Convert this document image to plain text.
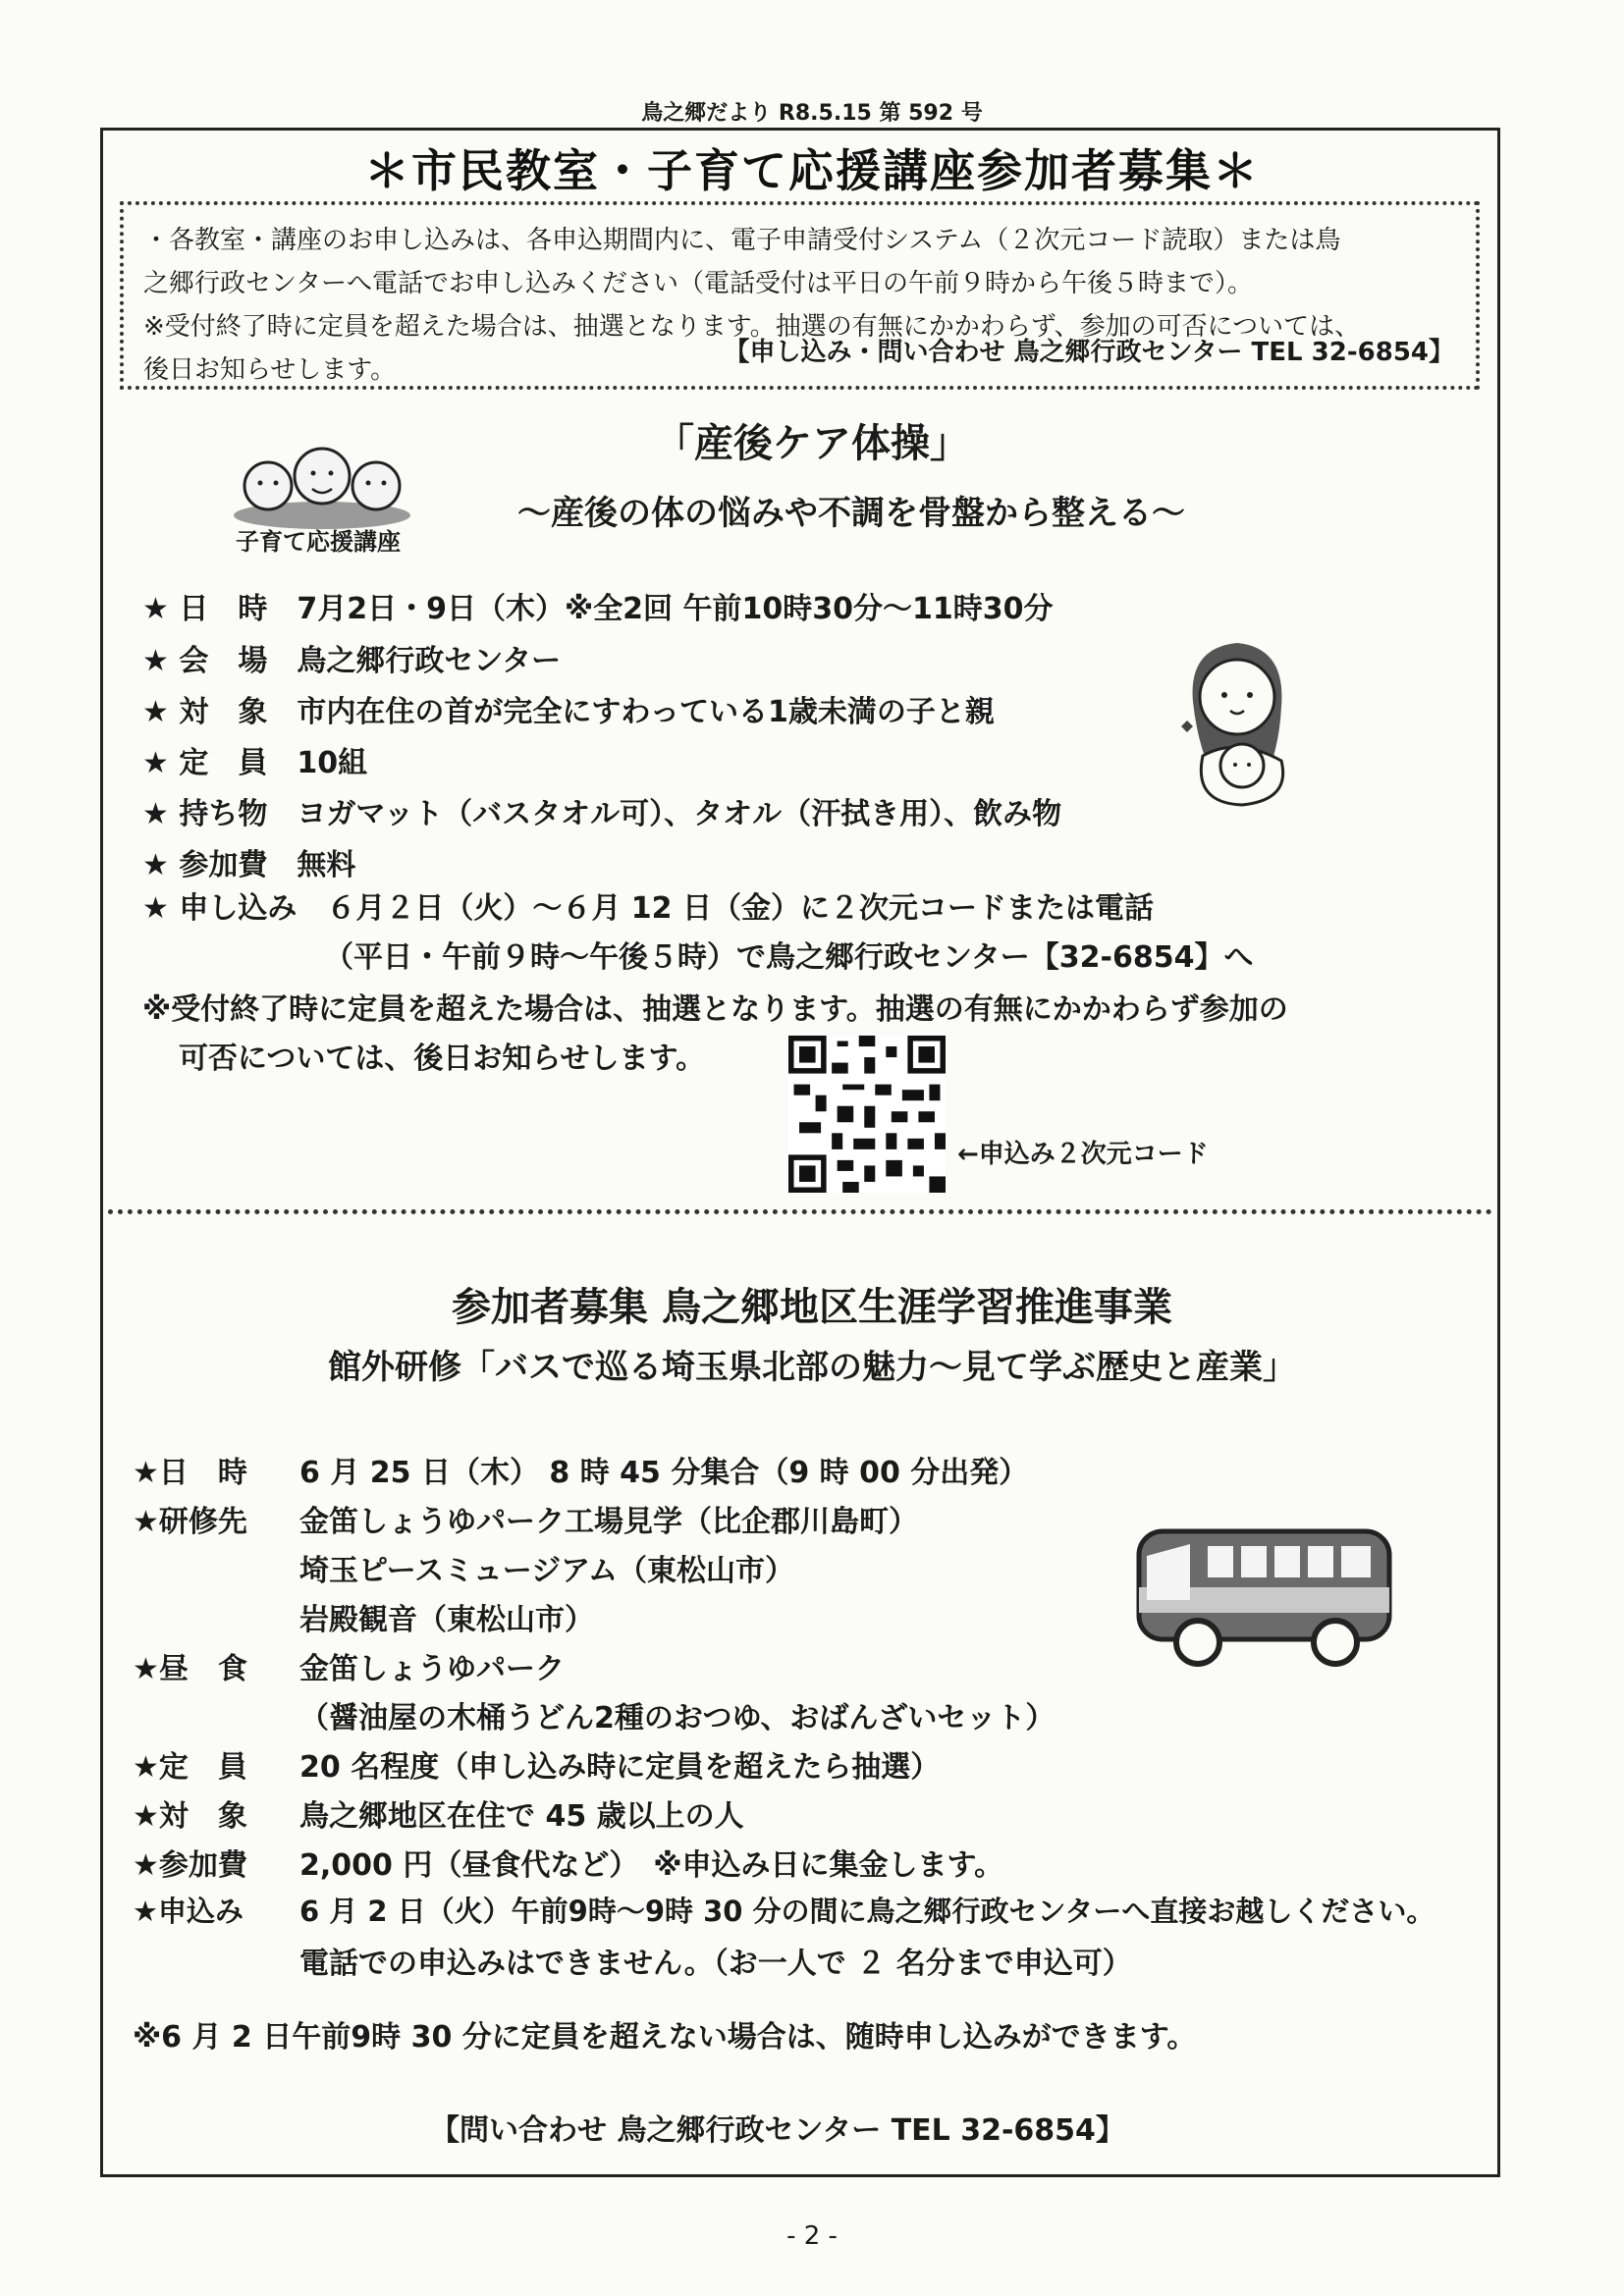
鳥之郷だより R8.5.15 第 592 号
＊市民教室・子育て応援講座参加者募集＊
・各教室・講座のお申し込みは、各申込期間内に、電子申請受付システム（２次元コード読取）または鳥
之郷行政センターへ電話でお申し込みください（電話受付は平日の午前９時から午後５時まで）。
※受付終了時に定員を超えた場合は、抽選となります。抽選の有無にかかわらず、参加の可否については、
後日お知らせします。
【申し込み・問い合わせ 鳥之郷行政センター TEL 32-6854】
子育て応援講座
「産後ケア体操」
～産後の体の悩みや不調を骨盤から整える～
★ 日　時　 7月2日・9日（木）※全2回 午前10時30分～11時30分
★ 会　場　 鳥之郷行政センター
★ 対　象　 市内在住の首が完全にすわっている1歳未満の子と親
★ 定　員　 10組
★ 持ち物　 ヨガマット（バスタオル可）、タオル（汗拭き用）、飲み物
★ 参加費　 無料
★ 申し込み　 ６月２日（火）～６月 12 日（金）に２次元コードまたは電話
（平日・午前９時～午後５時）で鳥之郷行政センター【32-6854】へ
※受付終了時に定員を超えた場合は、抽選となります。抽選の有無にかかわらず参加の
可否については、後日お知らせします。
←申込み２次元コード
参加者募集 鳥之郷地区生涯学習推進事業
館外研修「バスで巡る埼玉県北部の魅力～見て学ぶ歴史と産業」
★日　時 6 月 25 日（木） 8 時 45 分集合（9 時 00 分出発）
★研修先 金笛しょうゆパーク工場見学（比企郡川島町）
埼玉ピースミュージアム（東松山市）
岩殿観音（東松山市）
★昼　食 金笛しょうゆパーク
（醤油屋の木桶うどん2種のおつゆ、おばんざいセット）
★定　員 20 名程度（申し込み時に定員を超えたら抽選）
★対　象 鳥之郷地区在住で 45 歳以上の人
★参加費 2,000 円（昼食代など）　※申込み日に集金します。
★申込み 6 月 2 日（火）午前9時～9時 30 分の間に鳥之郷行政センターへ直接お越しください。
電話での申込みはできません。（お一人で ２ 名分まで申込可）
※6 月 2 日午前9時 30 分に定員を超えない場合は、随時申し込みができます。
【問い合わせ 鳥之郷行政センター TEL 32-6854】
- 2 -
